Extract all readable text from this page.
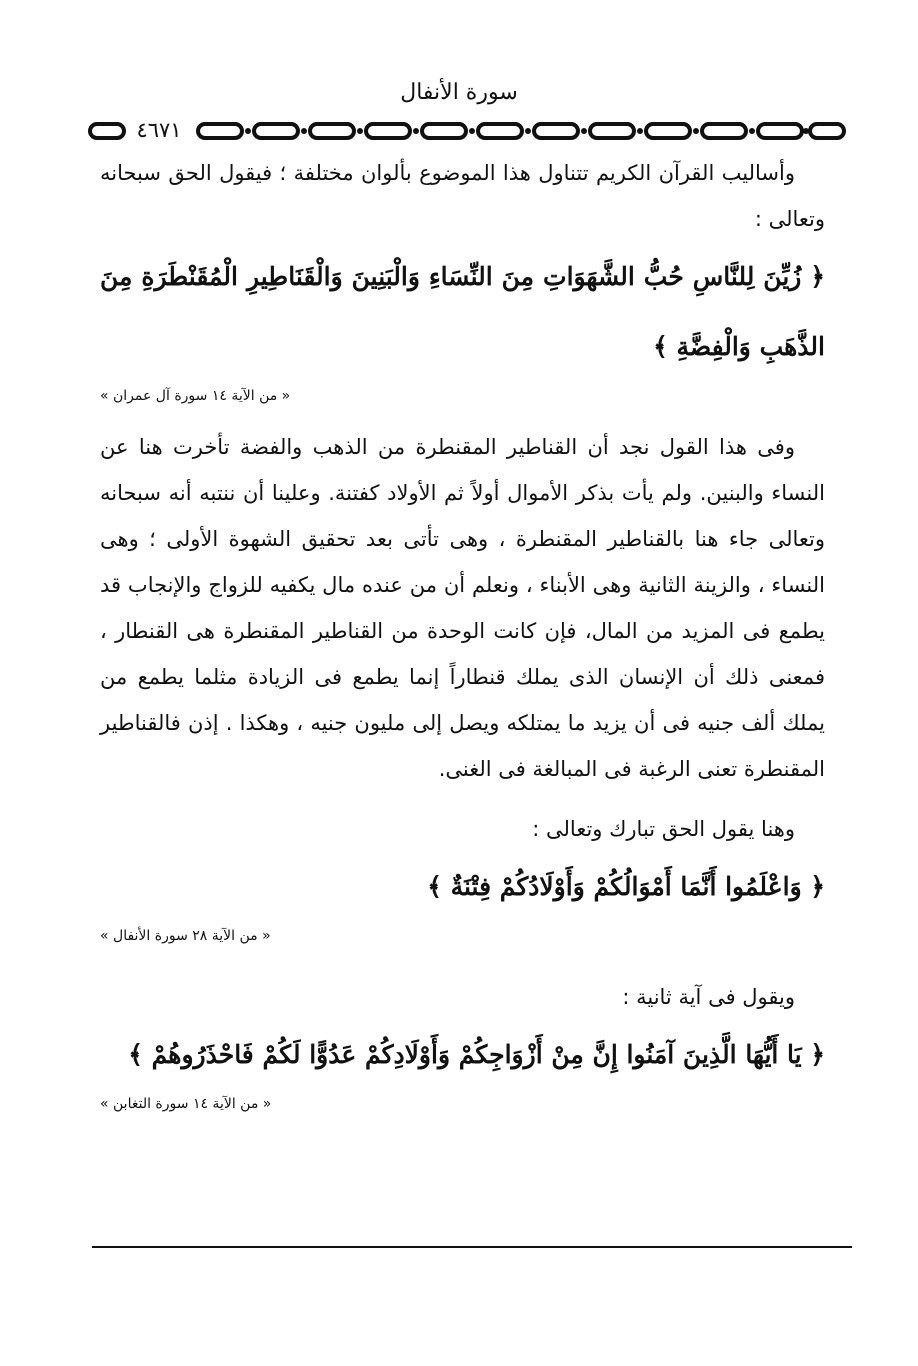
سورة الأنفال
٤٦٧١

وأساليب القرآن الكريم تتناول هذا الموضوع بألوان مختلفة ؛ فيقول الحق سبحانه وتعالى :

﴿ زُيِّنَ لِلنَّاسِ حُبُّ الشَّهَوَاتِ مِنَ النِّسَاءِ وَالْبَنِينَ وَالْقَنَاطِيرِ الْمُقَنْطَرَةِ مِنَ الذَّهَبِ وَالْفِضَّةِ ﴾

« من الآية ١٤ سورة آل عمران »

وفى هذا القول نجد أن القناطير المقنطرة من الذهب والفضة تأخرت هنا عن النساء والبنين. ولم يأت بذكر الأموال أولاً ثم الأولاد كفتنة. وعلينا أن ننتبه أنه سبحانه وتعالى جاء هنا بالقناطير المقنطرة ، وهى تأتى بعد تحقيق الشهوة الأولى ؛ وهى النساء ، والزينة الثانية وهى الأبناء ، ونعلم أن من عنده مال يكفيه للزواج والإنجاب قد يطمع فى المزيد من المال، فإن كانت الوحدة من القناطير المقنطرة هى القنطار ، فمعنى ذلك أن الإنسان الذى يملك قنطاراً إنما يطمع فى الزيادة مثلما يطمع من يملك ألف جنيه فى أن يزيد ما يمتلكه ويصل إلى مليون جنيه ، وهكذا . إذن فالقناطير المقنطرة تعنى الرغبة فى المبالغة فى الغنى.

وهنا يقول الحق تبارك وتعالى :

﴿ وَاعْلَمُوا أَنَّمَا أَمْوَالُكُمْ وَأَوْلَادُكُمْ فِتْنَةٌ ﴾

« من الآية ٢٨ سورة الأنفال »

ويقول فى آية ثانية :

﴿ يَا أَيُّهَا الَّذِينَ آمَنُوا إِنَّ مِنْ أَزْوَاجِكُمْ وَأَوْلَادِكُمْ عَدُوًّا لَكُمْ فَاحْذَرُوهُمْ ﴾

« من الآية ١٤ سورة التغابن »
